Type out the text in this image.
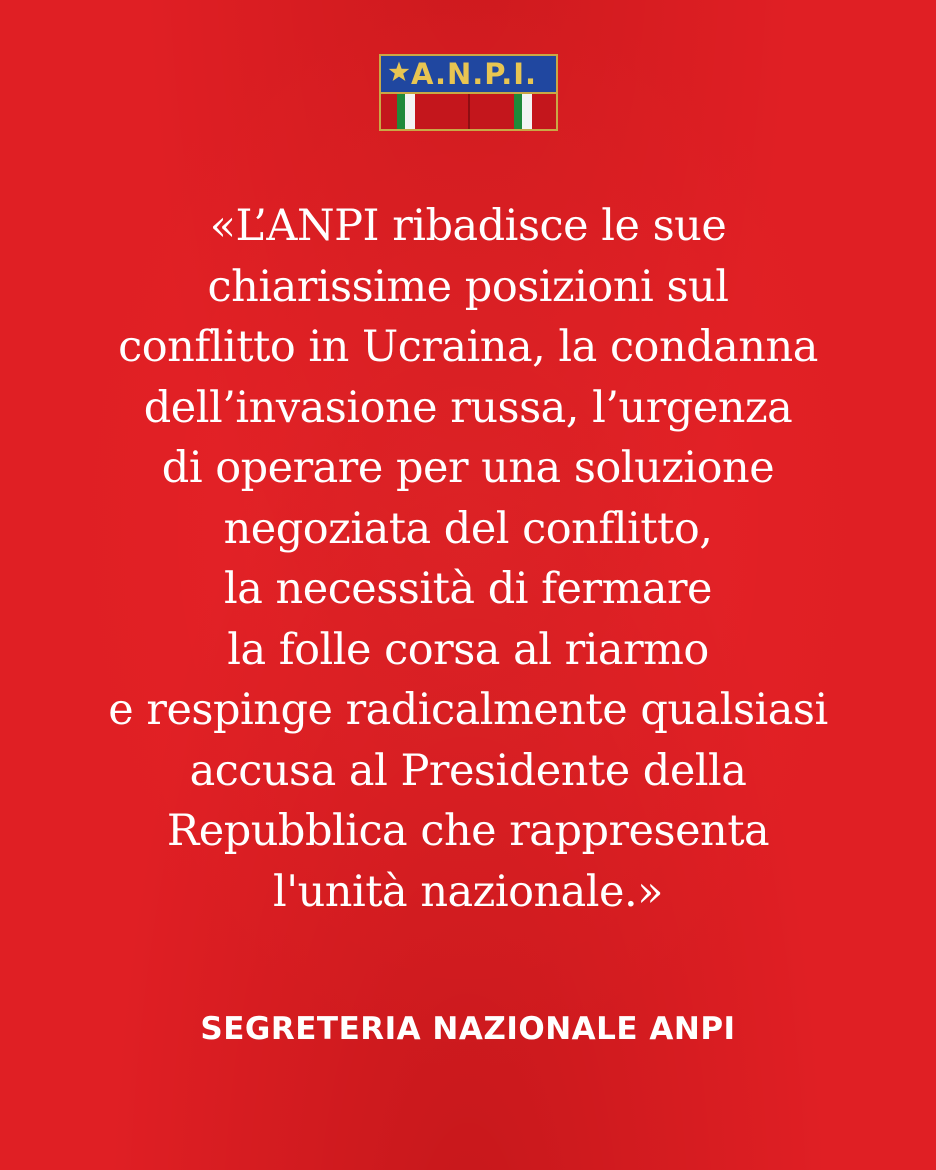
A.N.P.I.
«L’ANPI ribadisce le sue
chiarissime posizioni sul
conflitto in Ucraina, la condanna
dell’invasione russa, l’urgenza
di operare per una soluzione
negoziata del conflitto,
la necessità di fermare
la folle corsa al riarmo
e respinge radicalmente qualsiasi
accusa al Presidente della
Repubblica che rappresenta
l'unità nazionale.»
SEGRETERIA NAZIONALE ANPI
